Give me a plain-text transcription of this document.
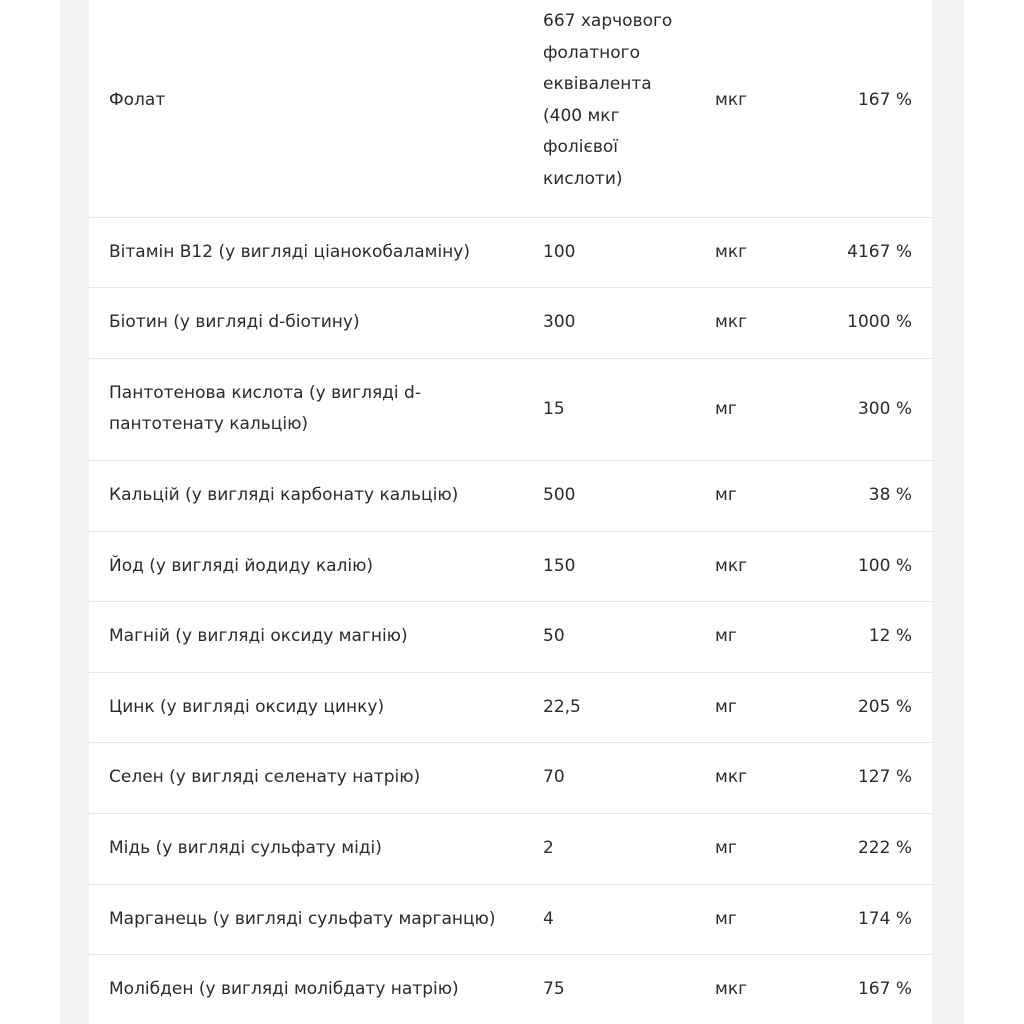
Фолат	667 харчового фолатного еквівалента (400 мкг фолієвої кислоти)	мкг	167 %
Вітамін В12 (у вигляді ціанокобаламіну)	100	мкг	4167 %
Біотин (у вигляді d-біотину)	300	мкг	1000 %
Пантотенова кислота (у вигляді d-пантотенату кальцію)	15	мг	300 %
Кальцій (у вигляді карбонату кальцію)	500	мг	38 %
Йод (у вигляді йодиду калію)	150	мкг	100 %
Магній (у вигляді оксиду магнію)	50	мг	12 %
Цинк (у вигляді оксиду цинку)	22,5	мг	205 %
Селен (у вигляді селенату натрію)	70	мкг	127 %
Мідь (у вигляді сульфату міді)	2	мг	222 %
Марганець (у вигляді сульфату марганцю)	4	мг	174 %
Молібден (у вигляді молібдату натрію)	75	мкг	167 %
